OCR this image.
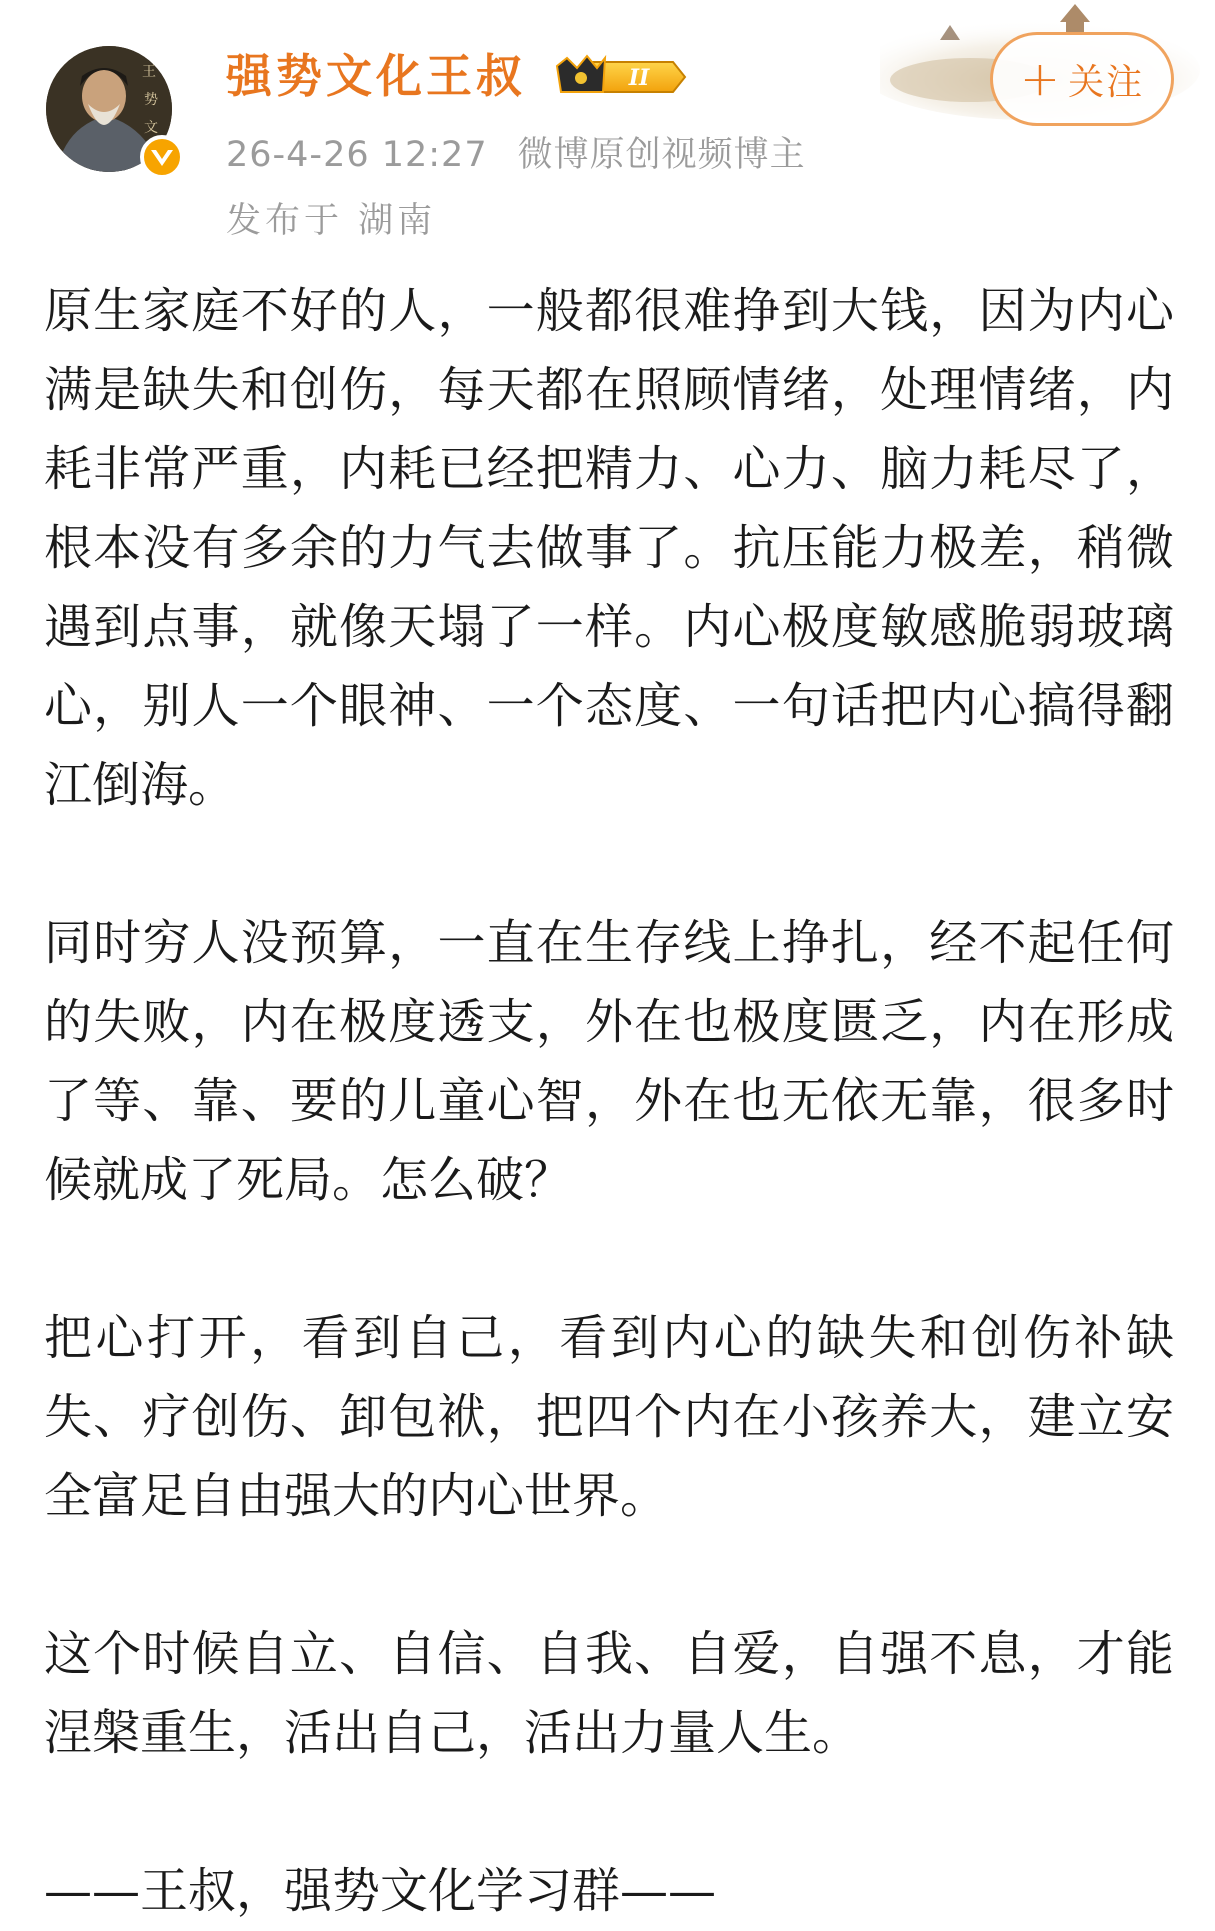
王
势
文
强势文化王叔	II
26-4-26 12:27 微博原创视频博主
发布于 湖南
+ 关注

原生家庭不好的人，一般都很难挣到大钱，因为内心满是缺失和创伤，每天都在照顾情绪，处理情绪，内耗非常严重，内耗已经把精力、心力、脑力耗尽了，根本没有多余的力气去做事了。抗压能力极差，稍微遇到点事，就像天塌了一样。内心极度敏感脆弱玻璃心，别人一个眼神、一个态度、一句话把内心搞得翻江倒海。

同时穷人没预算，一直在生存线上挣扎，经不起任何的失败，内在极度透支，外在也极度匮乏，内在形成了等、靠、要的儿童心智，外在也无依无靠，很多时候就成了死局。怎么破？

把心打开，看到自己，看到内心的缺失和创伤补缺失、疗创伤、卸包袱，把四个内在小孩养大，建立安全富足自由强大的内心世界。

这个时候自立、自信、自我、自爱，自强不息，才能涅槃重生，活出自己，活出力量人生。

——王叔，强势文化学习群——
